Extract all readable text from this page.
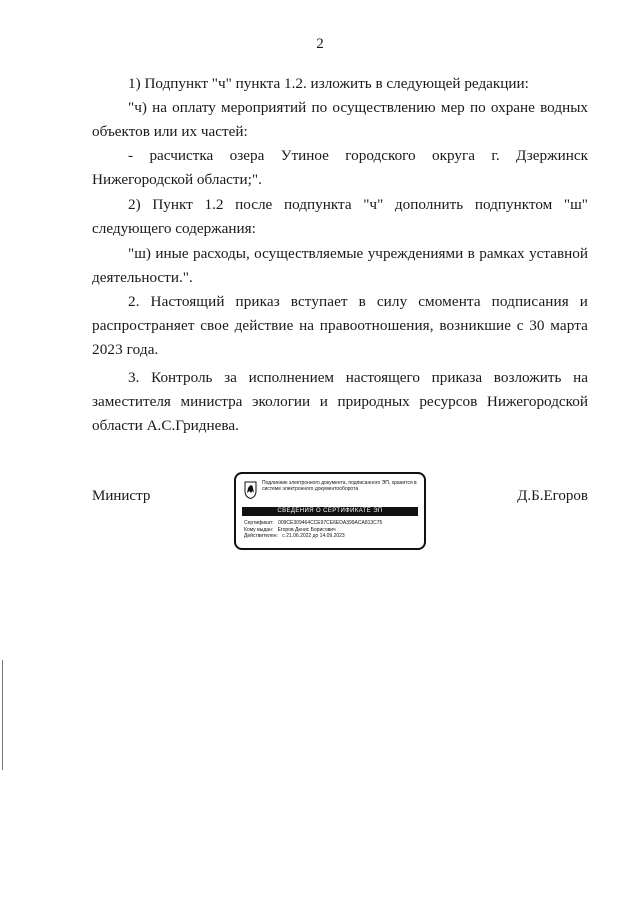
2
1) Подпункт "ч" пункта 1.2. изложить в следующей редакции:
"ч) на оплату мероприятий по осуществлению мер по охране водных объектов или их частей:
- расчистка озера Утиное городского округа г. Дзержинск Нижегородской области;".
2) Пункт 1.2 после подпункта "ч" дополнить подпунктом "ш" следующего содержания:
"ш) иные расходы, осуществляемые учреждениями в рамках уставной деятельности.".
2. Настоящий приказ вступает в силу смомента подписания и распространяет свое действие на правоотношения, возникшие с 30 марта 2023 года.
3. Контроль за исполнением настоящего приказа возложить на заместителя министра экологии и природных ресурсов Нижегородской области А.С.Гриднева.
Министр	Д.Б.Егоров
Подлинник электронного документа, подписанного ЭП, хранится в системе электронного документооборота
СВЕДЕНИЯ О СЕРТИФИКАТЕ ЭП
Сертификат: 009CE309464CCE97CE6EDA399ACA813C75
Кому выдан: Егоров Денис Борисович
Действителен: с 21.06.2022 до 14.09.2023
